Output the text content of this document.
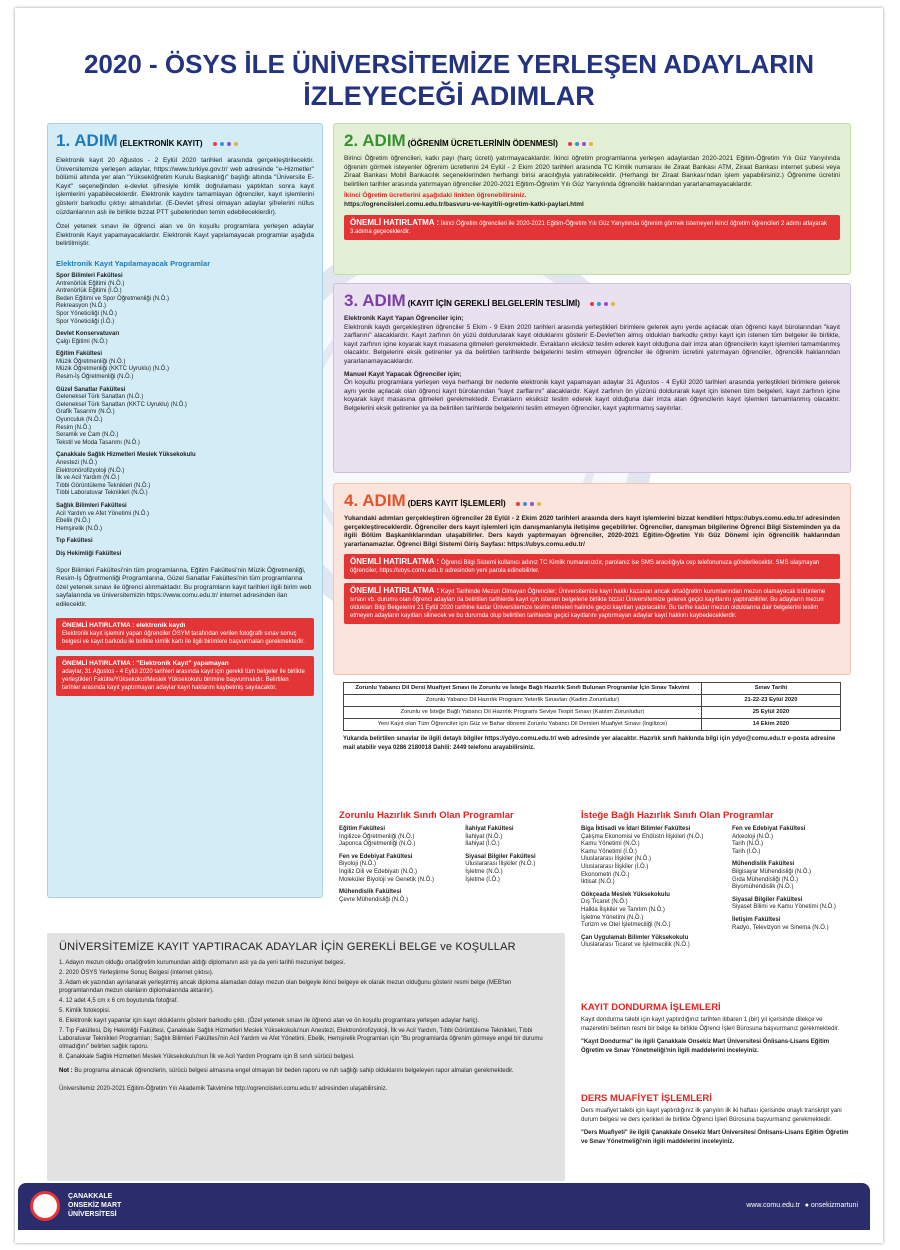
2020 - ÖSYS İLE ÜNİVERSİTEMİZE YERLEŞEN ADAYLARIN
İZLEYECEĞİ ADIMLAR
1. ADIM (ELEKTRONİK KAYIT)
Elektronik kayıt 20 Ağustos - 2 Eylül 2020 tarihleri arasında gerçekleştirilecektir. Üniversitemize yerleşen adaylar, https://www.turkiye.gov.tr/ web adresinde "e-Hizmetler" bölümü altında yer alan "Yükseköğretim Kurulu Başkanlığı" başlığı altında "Üniversite E-Kayıt" seçeneğinden e-devlet şifresiyle kimlik doğrulaması yaptıktan sonra kayıt işlemlerini yapabileceklerdir. Elektronik kaydını tamamlayan öğrenciler, kayıt işlemlerini gösterir barkodlu çıktıyı almalıdırlar. (E-Devlet şifresi olmayan adaylar şifrelerini nüfus cüzdanlarının aslı ile birlikte bizzat PTT şubelerinden temin edebileceklerdir).
Özel yetenek sınavı ile öğrenci alan ve ön koşullu programlara yerleşen adaylar Elektronik Kayıt yapamayacaklardır. Elektronik Kayıt yapılamayacak programlar aşağıda belirtilmiştir.
Elektronik Kayıt Yapılamayacak Programlar
Spor Bilimleri Fakültesi
Antrenörlük Eğitimi (N.Ö.)
Antrenörlük Eğitimi (İ.Ö.)
Beden Eğitimi ve Spor Öğretmenliği (N.Ö.)
Rekreasyon (N.Ö.)
Spor Yöneticiliği (N.Ö.)
Spor Yöneticiliği (İ.Ö.)
Devlet Konservatuvarı
Çalgı Eğitimi (N.Ö.)
Eğitim Fakültesi
Müzik Öğretmenliği (N.Ö.)
Müzik Öğretmenliği (KKTC Uyruklu) (N.Ö.)
Resim-İş Öğretmenliği (N.Ö.)
Güzel Sanatlar Fakültesi
Geleneksel Türk Sanatları (N.Ö.)
Geleneksel Türk Sanatları (KKTC Uyruklu) (N.Ö.)
Grafik Tasarımı (N.Ö.)
Oyunculuk (N.Ö.)
Resim (N.Ö.)
Seramik ve Cam (N.Ö.)
Tekstil ve Moda Tasarımı (N.Ö.)
Çanakkale Sağlık Hizmetleri Meslek Yüksekokulu
Anestezi (N.Ö.)
Elektronörofizyoloji (N.Ö.)
İlk ve Acil Yardım (N.Ö.)
Tıbbi Görüntüleme Teknikleri (N.Ö.)
Tıbbi Laboratuvar Teknikleri (N.Ö.)
Sağlık Bilimleri Fakültesi
Acil Yardım ve Afet Yönetimi (N.Ö.)
Ebelik (N.Ö.)
Hemşirelik (N.Ö.)
Tıp Fakültesi
Diş Hekimliği Fakültesi
Spor Bilimleri Fakültesi'nin tüm programlarına, Eğitim Fakültesi'nin Müzik Öğretmenliği, Resim-İş Öğretmenliği Programlarına, Güzel Sanatlar Fakültesi'nin tüm programlarına özel yetenek sınavı ile öğrenci alınmaktadır. Bu programların kayıt tarihleri ilgili birim web sayfalarında ve üniversitemizin https://www.comu.edu.tr/ internet adresinden ilan edilecektir.
ÖNEMLİ HATIRLATMA : elektronik kaydı
Elektronik kayıt işlemini yapan öğrenciler ÖSYM tarafından verilen fotoğraflı sınav sonuç belgesi ve kayıt barkodu ile birlikte kimlik kartı ile ilgili birimlere başvurmaları gerekmektedir.
ÖNEMLİ HATIRLATMA : "Elektronik Kayıt" yapamayan
adaylar, 31 Ağustos - 4 Eylül 2020 tarihleri arasında kayıt için gerekli tüm belgeler ile birlikte yerleştikleri Fakülte/Yüksekokul/Meslek Yüksekokulu birimine başvurmalıdır. Belirtilen tarihler arasında kayıt yaptırmayan adaylar kayıt haklarını kaybetmiş sayılacaktır.
2. ADIM (ÖĞRENİM ÜCRETLERİNİN ÖDENMESİ)
Birinci Öğretim öğrencileri, katkı payı (harç ücreti) yatırmayacaklardır. İkinci öğretim programlarına yerleşen adaylardan 2020-2021 Eğitim-Öğretim Yılı Güz Yarıyılında öğrenim görmek isteyenler öğrenim ücretlerini 24 Eylül - 2 Ekim 2020 tarihleri arasında TC Kimlik numarası ile Ziraat Bankası ATM, Ziraat Bankası internet şubesi veya Ziraat Bankası Mobil Bankacılık seçeneklerinden herhangi birisi aracılığıyla yatırabilecektir. (Herhangi bir Ziraat Bankası'ndan işlem yapabilirsiniz.) Öğrenime ücretini belirtilen tarihler arasında yatırmayan öğrenciler 2020-2021 Eğitim-Öğretim Yılı Güz Yarıyılında öğrencilik haklarından yararlanamayacaklardır.
İkinci Öğretim ücretlerini aşağıdaki linkten öğrenebilirsiniz.
https://ogrenciisleri.comu.edu.tr/basvuru-ve-kayit/ii-ogretim-katki-paylari.html
ÖNEMLİ HATIRLATMA : İkinci Öğretim öğrencileri ile 2020-2021 Eğitim-Öğretim Yılı Güz Yarıyılında öğrenim görmek istemeyen ikinci öğretim öğrencileri 2 adımı atlayarak 3.adıma geçeceklerdir.
3. ADIM (KAYIT İÇİN GEREKLİ BELGELERİN TESLİMİ)
Elektronik Kayıt Yapan Öğrenciler için;
Elektronik kaydı gerçekleştiren öğrenciler 5 Ekim - 9 Ekim 2020 tarihleri arasında yerleştikleri birimlere gelerek aynı yerde açılacak olan öğrenci kayıt bürolarından "kayıt zarflarını" alacaklardır. Kayıt zarfının ön yüzü doldurularak kayıt olduklarını gösterir E-Devlet'ten almış oldukları barkodlu çıktıyı kayıt için istenen tüm belgeler ile birlikte, kayıt zarfının içine koyarak kayıt masasına gitmeleri gerekmektedir. Evrakların eksiksiz teslim ederek kayıt olduğuna dair imza atan öğrencilerin kayıt işlemleri tamamlanmış olacaktır. Belgelerini eksik getirenler ya da belirtilen tarihlerde belgelerini teslim etmeyen öğrenciler ile öğrenim ücretini yatırmayan öğrenciler, öğrencilik haklarından yararlanamayacaklardır.
Manuel Kayıt Yapacak Öğrenciler için;
Ön koşullu programlara yerleşen veya herhangi bir nedenle elektronik kayıt yapamayan adaylar 31 Ağustos - 4 Eylül 2020 tarihleri arasında yerleştikleri birimlere gelerek aynı yerde açılacak olan öğrenci kayıt bürolarından "kayıt zarflarını" alacaklardır. Kayıt zarfının ön yüzünü doldurarak kayıt için istenen tüm belgeleri, kayıt zarfının içine koyarak kayıt masasına gitmeleri gerekmektedir. Evrakların eksiksiz teslim ederek kayıt olduğuna dair imza atan öğrencilerin kayıt işlemleri tamamlanmış olacaktır. Belgelerini eksik getirenler ya da belirtilen tarihlerde belgelerini teslim etmeyen öğrenciler, kayıt yaptırmamış sayılırlar.
4. ADIM (DERS KAYIT İŞLEMLERİ)
Yukarıdaki adımları gerçekleştiren öğrenciler 28 Eylül - 2 Ekim 2020 tarihleri arasında ders kayıt işlemlerini bizzat kendileri https://ubys.comu.edu.tr/ adresinden gerçekleştireceklerdir. Öğrenciler ders kayıt işlemleri için danışmanlarıyla iletişime geçebilirler. Öğrenciler, danışman bilgilerine Öğrenci Bilgi Sisteminden ya da ilgili Bölüm Başkanlıklarından ulaşabilirler. Ders kaydı yaptırmayan öğrenciler, 2020-2021 Eğitim-Öğretim Yılı Güz Dönemi için öğrencilik haklarından yararlanamazlar. Öğrenci Bilgi Sistemi Giriş Sayfası: https://ubys.comu.edu.tr/
ÖNEMLİ HATIRLATMA : Öğrenci Bilgi Sistemi kullanıcı adınız TC Kimlik numaranızdır, parolanız ise SMS aracılığıyla cep telefonunuza gönderilecektir. SMS ulaşmayan öğrenciler, https://ubys.comu.edu.tr adresinden yeni parola edinebilirler.
ÖNEMLİ HATIRLATMA : Kayıt Tarihinde Mezun Olmayan Öğrenciler; Üniversitemize kayıt hakkı kazanan ancak ortaöğretim kurumlarından mezun olamayacak bütünleme sınavı vb. durumu olan öğrenci adayları da belirtilen tarihlerde kayıt için istenen belgelerle birlikte bizzat Üniversitemize gelerek geçici kayıtlarını yaptırabilirler. Bu adayların mezun oldukları Bilgi Belgelerini 21 Eylül 2020 tarihine kadar Üniversitemize teslim etmeleri halinde geçici kayıtları yapılacaktır. Bu tarihe kadar mezun olduklarına dair belgelerini teslim etmeyen adayların kayıtları silinecek ve bu durumda olup belirtilen tarihlerde geçici kayıtlarını yaptırmayan adaylar kayıt hakkını kaybedeceklerdir.
Zorunlu Yabancı Dil Dersi Muafiyet Sınavı ile Zorunlu ve İsteğe Bağlı Hazırlık Sınıfı Bulunan Programlar İçin Sınav Takvimi	Sınav Tarihi
Zorunlu Yabancı Dil Hazırlık Programı Yeterlik Sınavları (Kadim Zorunludur)	21-22-23 Eylül 2020
Zorunlu ve İsteğe Bağlı Yabancı Dil Hazırlık Programı Seviye Tespit Sınavı (Katılım Zorunludur)	25 Eylül 2020
Yeni Kayıt olan Tüm Öğrenciler için Güz ve Bahar dönemi Zorunlu Yabancı Dil Dersleri Muafiyet Sınavı (İngilizce)	14 Ekim 2020
Yukarıda belirtilen sınavlar ile ilgili detaylı bilgiler https://ydyo.comu.edu.tr/ web adresinde yer alacaktır. Hazırlık sınıfı hakkında bilgi için ydyo@comu.edu.tr e-posta adresine mail atabilir veya 0286 2180018 Dahili: 2449 telefonu arayabilirsiniz.
Zorunlu Hazırlık Sınıfı Olan Programlar
Eğitim Fakültesi
İngilizce Öğretmenliği (N.Ö.)
Japonca Öğretmenliği (N.Ö.)
Fen ve Edebiyat Fakültesi
Biyoloji (N.Ö.)
İngiliz Dili ve Edebiyatı (N.Ö.)
Moleküler Biyoloji ve Genetik (N.Ö.)
Mühendislik Fakültesi
Çevre Mühendisliği (N.Ö.)
İlahiyat Fakültesi
İlahiyat (N.Ö.)
İlahiyat (İ.Ö.)
Siyasal Bilgiler Fakültesi
Uluslararası İlişkiler (N.Ö.)
İşletme (N.Ö.)
İşletme (İ.Ö.)
İsteğe Bağlı Hazırlık Sınıfı Olan Programlar
Biga İktisadi ve İdari Bilimler Fakültesi
Çalışma Ekonomisi ve Endüstri İlişkileri (N.Ö.)
Kamu Yönetimi (N.Ö.)
Kamu Yönetimi (İ.Ö.)
Uluslararası İlişkiler (N.Ö.)
Uluslararası İlişkiler (İ.Ö.)
Ekonometri (N.Ö.)
İktisat (N.Ö.)
Gökçeada Meslek Yüksekokulu
Dış Ticaret (N.Ö.)
Halkla İlişkiler ve Tanıtım (N.Ö.)
İşletme Yönetimi (N.Ö.)
Turizm ve Otel İşletmeciliği (N.Ö.)
Çan Uygulamalı Bilimler Yüksekokulu
Uluslararası Ticaret ve İşletmecilik (N.Ö.)
Fen ve Edebiyat Fakültesi
Arkeoloji (N.Ö.)
Tarih (N.Ö.)
Tarih (İ.Ö.)
Mühendislik Fakültesi
Bilgisayar Mühendisliği (N.Ö.)
Gıda Mühendisliği (N.Ö.)
Biyomühendislik (N.Ö.)
Siyasal Bilgiler Fakültesi
Siyaset Bilimi ve Kamu Yönetimi (N.Ö.)
İletişim Fakültesi
Radyo, Televizyon ve Sinema (N.Ö.)
ÜNİVERSİTEMİZE KAYIT YAPTIRACAK ADAYLAR İÇİN GEREKLİ BELGE ve KOŞULLAR
1. Adayın mezun olduğu ortaöğretim kurumundan aldığı diplomanın aslı ya da yeni tarihli mezuniyet belgesi.
2. 2020 ÖSYS Yerleştirme Sonuç Belgesi (internet çıktısı).
3. Adam ek yazından ayrılanarak yerleştirmiş ancak diploma alamadan dolayı mezun olan belgeyle ikinci belgeye ek olarak mezun olduğunu gösterir resmi belge (MEB'ten programlarından mezun olanların diplomalarında aktarılır).
4. 12 adet 4,5 cm x 6 cm boyutunda fotoğraf.
5. Kimlik fotokopisi.
6. Elektronik kayıt yapanlar için kayıt olduklarını gösterir barkodlu çıktı. (Özel yetenek sınavı ile öğrenci alan ve ön koşullu programlara yerleşen adaylar hariç).
7. Tıp Fakültesi, Diş Hekimliği Fakültesi, Çanakkale Sağlık Hizmetleri Meslek Yüksekokulu'nun Anestezi, Elektronörofizyoloji, İlk ve Acil Yardım, Tıbbi Görüntüleme Teknikleri, Tıbbi Laboratuvar Teknikleri Programları; Sağlık Bilimleri Fakültesi'nin Acil Yardım ve Afet Yönetimi, Ebelik, Hemşirelik Programları için "Bu programlarda öğrenim görmeye engel bir durumu olmadığını" belirten sağlık raporu.
8. Çanakkale Sağlık Hizmetleri Meslek Yüksekokulu'nun İlk ve Acil Yardım Programı için B sınıfı sürücü belgesi.
Not : Bu programa alınacak öğrencilerin, sürücü belgesi almasına engel olmayan bir beden raporu ve ruh sağlığı sahip olduklarını belgeleyen rapor almaları gerekmektedir.
Üniversitemiz 2020-2021 Eğitim-Öğretim Yılı Akademik Takvimine http://ogrenciisleri.comu.edu.tr/ adresinden ulaşabilirsiniz.
KAYIT DONDURMA İŞLEMLERİ
Kayıt dondurma talebi için kayıt yaptırdığınız tarihten itibaren 1 (bir) yıl içerisinde dilekçe ve mazeretini belirten resmi bir belge ile birlikte Öğrenci İşleri Bürosuna başvurmanız gerekmektedir.
"Kayıt Dondurma" ile ilgili Çanakkale Onsekiz Mart Üniversitesi Önlisans-Lisans Eğitim Öğretim ve Sınav Yönetmeliği'nin ilgili maddelerini inceleyiniz.
DERS MUAFİYET İŞLEMLERİ
Ders muafiyet talebi için kayıt yaptırdığınız ilk yarıyılın ilk iki haftası içerisinde onaylı transkript yani durum belgesi ve ders içerikleri ile birlikte Öğrenci İşleri Bürosuna başvurmanız gerekmektedir.
"Ders Muafiyeti" ile ilgili Çanakkale Onsekiz Mart Üniversitesi Önlisans-Lisans Eğitim Öğretim ve Sınav Yönetmeliği'nin ilgili maddelerini inceleyiniz.
ÇANAKKALE
ONSEKİZ MART
ÜNİVERSİTESİ
www.comu.edu.tr ● onsekizmartuni
